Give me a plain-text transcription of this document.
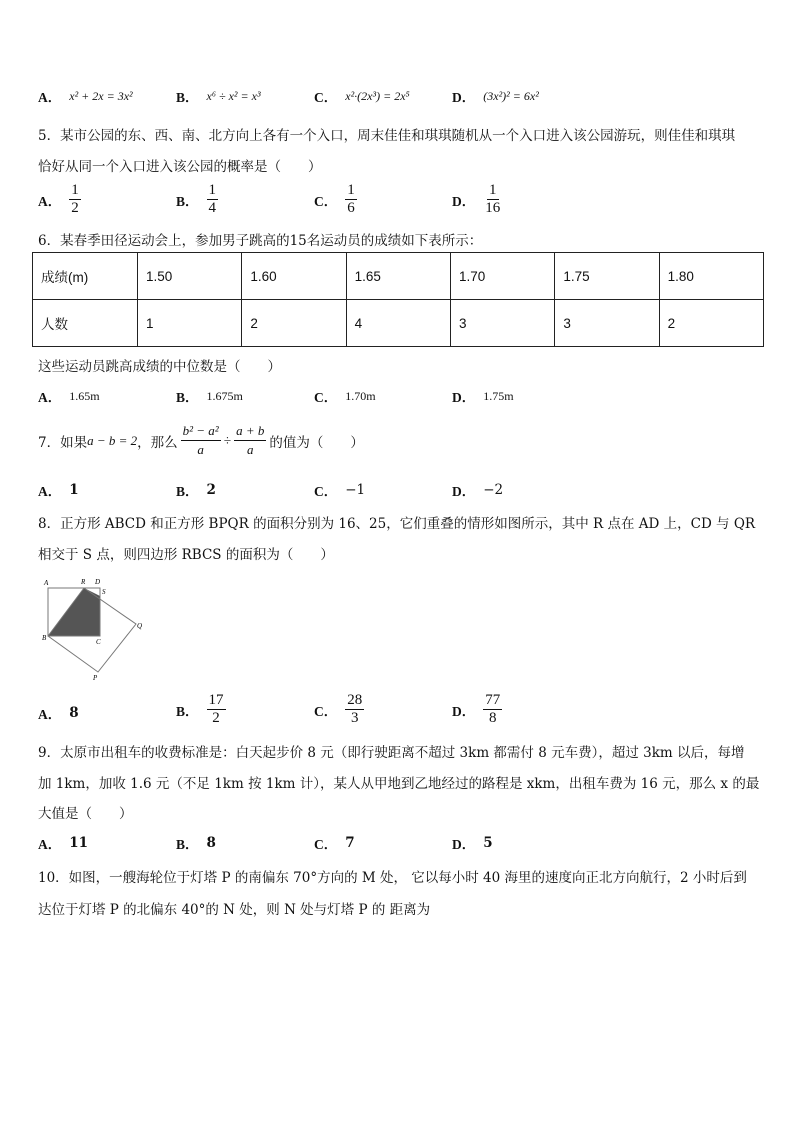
A． x² + 2x = 3x²	B． x⁶ ÷ x² = x³	C． x²·(2x³) = 2x⁵	D． (3x²)² = 6x²
5．某市公园的东、西、南、北方向上各有一个入口，周末佳佳和琪琪随机从一个入口进入该公园游玩，则佳佳和琪琪
恰好从同一个入口进入该公园的概率是（　　）
A． $\frac{1}{2}$	B． $\frac{1}{4}$	C． $\frac{1}{6}$	D． $\frac{1}{16}$
6．某春季田径运动会上，参加男子跳高的15名运动员的成绩如下表所示：
成绩(m)	1.50	1.60	1.65	1.70	1.75	1.80
人数	1	2	4	3	3	2
这些运动员跳高成绩的中位数是（　　）
A． 1.65m	B． 1.675m	C． 1.70m	D． 1.75m
7．如果 a − b = 2 ，那么 $\frac{\text{b² − a²}}{a} \div \frac{a + b}{a}$ 的值为（　　）
A． 1	B． 2	C． −1	D． −2
8．正方形 ABCD 和正方形 BPQR 的面积分别为 16、25，它们重叠的情形如图所示，其中 R 点在 AD 上，CD 与 QR
相交于 S 点，则四边形 RBCS 的面积为（　　）
A	R D
S
B	C
Q
P
A． 8	B． $\frac{17}{2}$	C． $\frac{28}{3}$	D． $\frac{77}{8}$
9．太原市出租车的收费标准是：白天起步价 8 元（即行驶距离不超过 3km 都需付 8 元车费），超过 3km 以后，每增
加 1km，加收 1.6 元（不足 1km 按 1km 计），某人从甲地到乙地经过的路程是 xkm，出租车费为 16 元，那么 x 的最
大值是（　　）
A． 11	B． 8	C． 7	D． 5
10．如图，一艘海轮位于灯塔 P 的南偏东 70°方向的 M 处， 它以每小时 40 海里的速度向正北方向航行，2 小时后到
达位于灯塔 P 的北偏东 40°的 N 处，则 N 处与灯塔 P 的 距离为
